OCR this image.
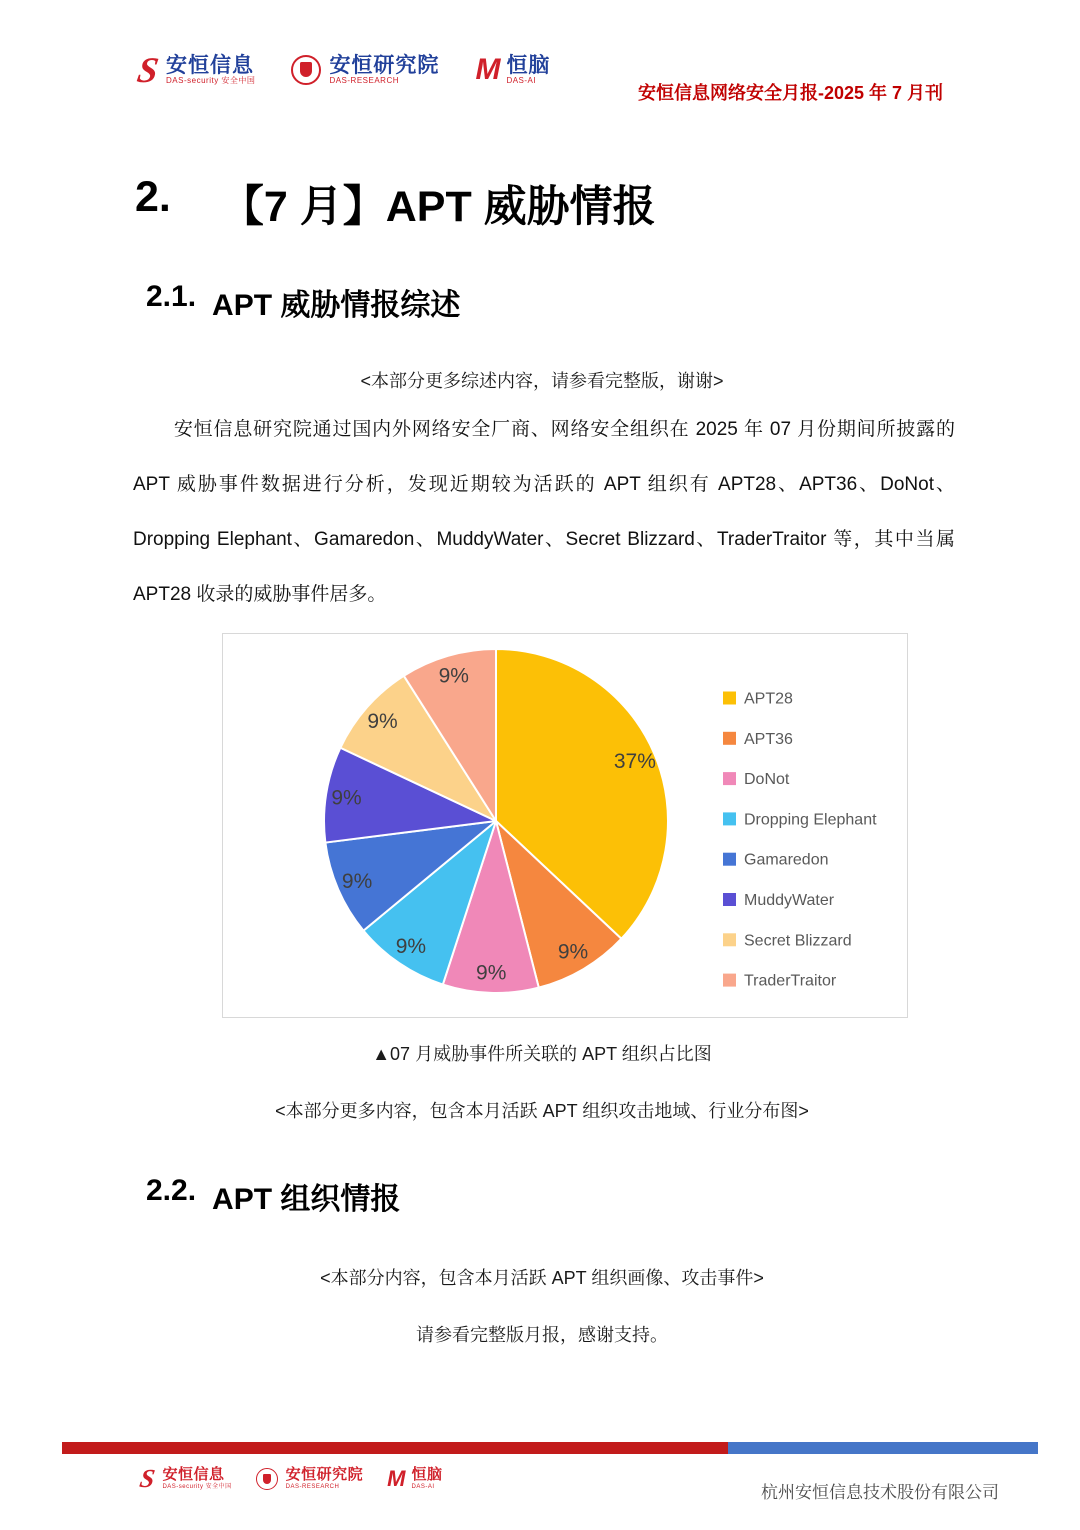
S 安恒信息
DAS-security 安全中国
安恒研究院
DAS-RESEARCH	M 恒脑
DAS-AI
安恒信息网络安全月报-2025 年 7 月刊
2. 【7 月】APT 威胁情报
2.1. APT 威胁情报综述
<本部分更多综述内容，请参看完整版，谢谢>
安恒信息研究院通过国内外网络安全厂商、网络安全组织在 2025 年 07 月份期间所披露的 APT 威胁事件数据进行分析，发现近期较为活跃的 APT 组织有 APT28、APT36、DoNot、Dropping Elephant、Gamaredon、MuddyWater、Secret Blizzard、TraderTraitor 等，其中当属 APT28 收录的威胁事件居多。
37%
9%
9%
9%
9%
9%
9%
9%
APT28
APT36
DoNot
Dropping Elephant
Gamaredon
MuddyWater
Secret Blizzard
TraderTraitor
▲07 月威胁事件所关联的 APT 组织占比图
<本部分更多内容，包含本月活跃 APT 组织攻击地域、行业分布图>
2.2. APT 组织情报
<本部分内容，包含本月活跃 APT 组织画像、攻击事件>
请参看完整版月报，感谢支持。
S 安恒信息
DAS-security 安全中国
安恒研究院
DAS-RESEARCH	M 恒脑
DAS-AI	杭州安恒信息技术股份有限公司
